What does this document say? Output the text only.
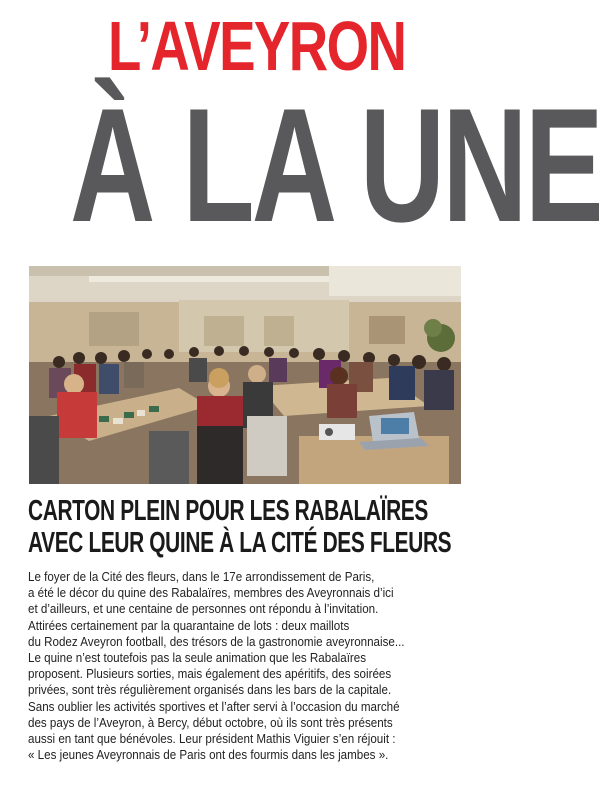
L’AVEYRON
À LA UNE
CARTON PLEIN POUR LES RABALAÏRES
AVEC LEUR QUINE À LA CITÉ DES FLEURS

Le foyer de la Cité des fleurs, dans le 17e arrondissement de Paris,

a été le décor du quine des Rabalaïres, membres des Aveyronnais d’ici

et d’ailleurs, et une centaine de personnes ont répondu à l’invitation.

Attirées certainement par la quarantaine de lots : deux maillots

du Rodez Aveyron football, des trésors de la gastronomie aveyronnaise...

Le quine n’est toutefois pas la seule animation que les Rabalaïres

proposent. Plusieurs sorties, mais également des apéritifs, des soirées

privées, sont très régulièrement organisés dans les bars de la capitale.

Sans oublier les activités sportives et l’after servi à l’occasion du marché

des pays de l’Aveyron, à Bercy, début octobre, où ils sont très présents

aussi en tant que bénévoles. Leur président Mathis Viguier s’en réjouit :

« Les jeunes Aveyronnais de Paris ont des fourmis dans les jambes ».
